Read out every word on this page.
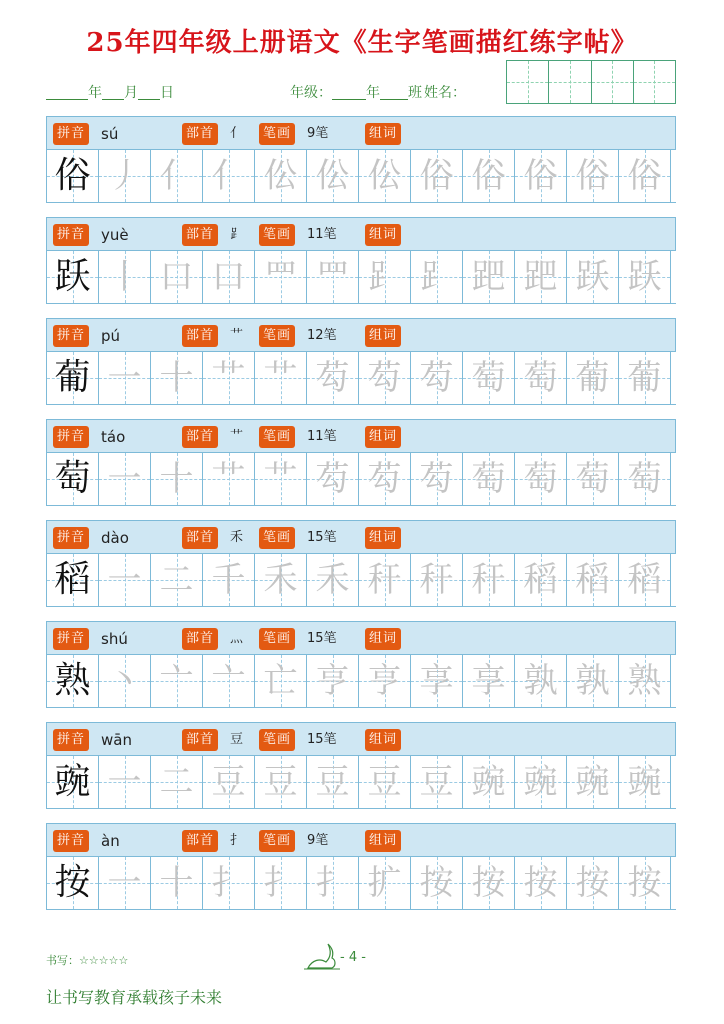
25年四年级上册语文《生字笔画描红练字帖》
年 月 日	年级： 年 班 姓名：
拼音 sú	部首	亻	笔画	9笔	组词
俗 丿 亻 亻 伀 伀 伀 俗 俗 俗 俗 俗
拼音 yuè	部首	⻊	笔画	11笔	组词
跃 丨 口 口 罒 罒 ⻊ ⻊ 跁 跁 跃 跃
拼音 pú	部首	艹	笔画	12笔	组词
葡 一 十 艹 艹 芶 芶 芶 萄 萄 葡 葡
拼音 táo	部首	艹	笔画	11笔	组词
萄 一 十 艹 艹 芶 芶 芶 萄 萄 萄 萄
拼音 dào	部首	禾	笔画	15笔	组词
稻 一 二 千 禾 禾 秆 秆 秆 稻 稻 稻
拼音 shú	部首	灬	笔画	15笔	组词
熟 丶 亠 亠 亡 亨 亨 享 享 孰 孰 熟
拼音 wān	部首	豆	笔画	15笔	组词
豌 一 二 豆 豆 豆 豆 豆 豌 豌 豌 豌
拼音 àn	部首	扌	笔画	9笔	组词
按 一 十 扌 扌 扌 扩 按 按 按 按 按
书写：☆☆☆☆☆	- 4 -
让书写教育承载孩子未来
